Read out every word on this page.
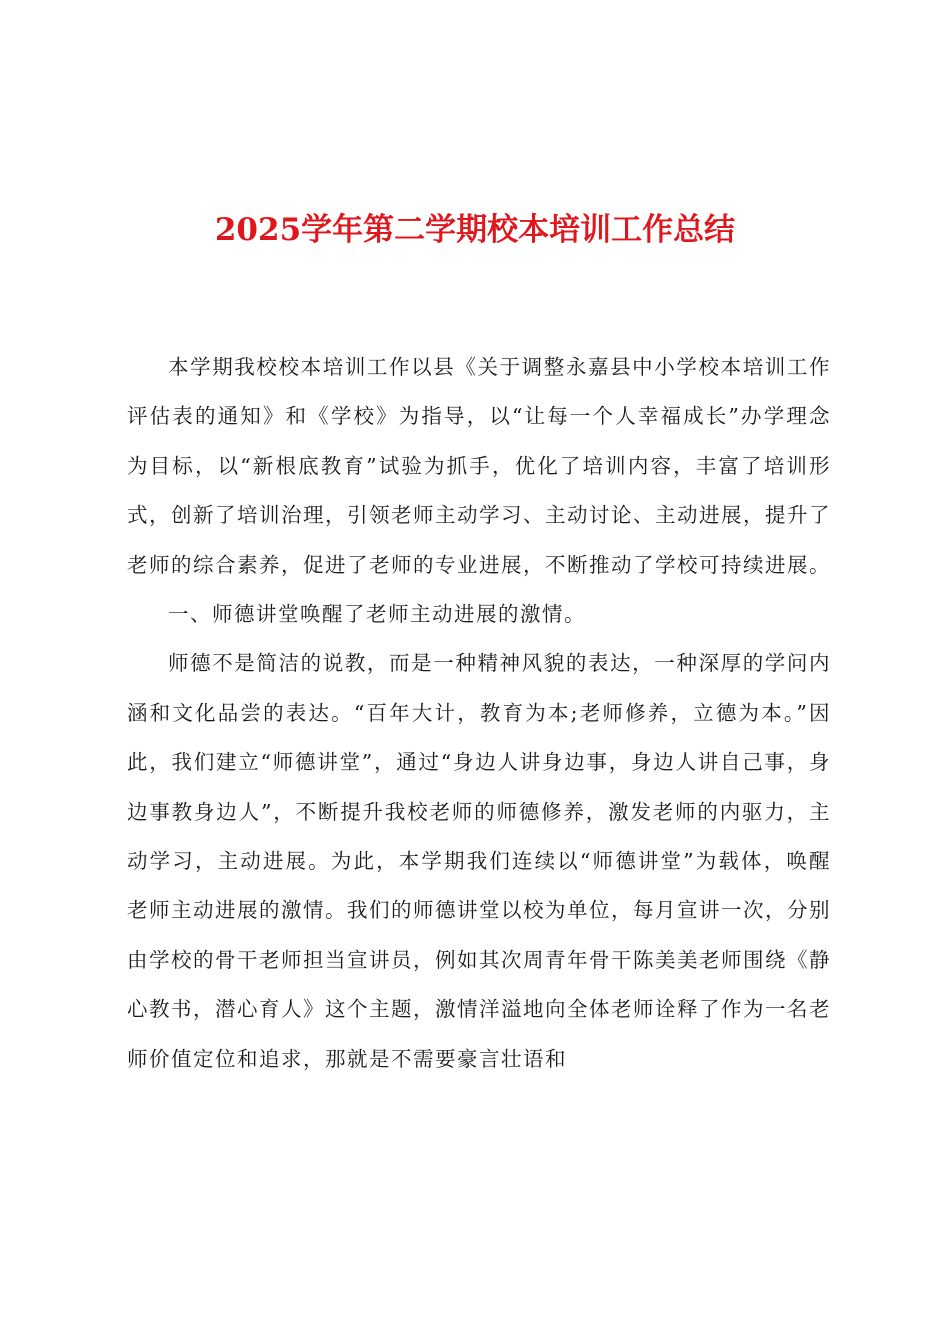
2025学年第二学期校本培训工作总结

本学期我校校本培训工作以县《关于调整永嘉县中小学校本培训工作评估表的通知》和《学校》为指导，以“让每一个人幸福成长”办学理念为目标，以“新根底教育”试验为抓手，优化了培训内容，丰富了培训形式，创新了培训治理，引领老师主动学习、主动讨论、主动进展，提升了老师的综合素养，促进了老师的专业进展，不断推动了学校可持续进展。

一、师德讲堂唤醒了老师主动进展的激情。

师德不是简洁的说教，而是一种精神风貌的表达，一种深厚的学问内涵和文化品尝的表达。“百年大计，教育为本;老师修养，立德为本。”因此，我们建立“师德讲堂”，通过“身边人讲身边事，身边人讲自己事，身边事教身边人”，不断提升我校老师的师德修养，激发老师的内驱力，主动学习，主动进展。为此，本学期我们连续以“师德讲堂”为载体，唤醒老师主动进展的激情。我们的师德讲堂以校为单位，每月宣讲一次，分别由学校的骨干老师担当宣讲员，例如其次周青年骨干陈美美老师围绕《静心教书，潜心育人》这个主题，激情洋溢地向全体老师诠释了作为一名老师价值定位和追求，那就是不需要豪言壮语和
